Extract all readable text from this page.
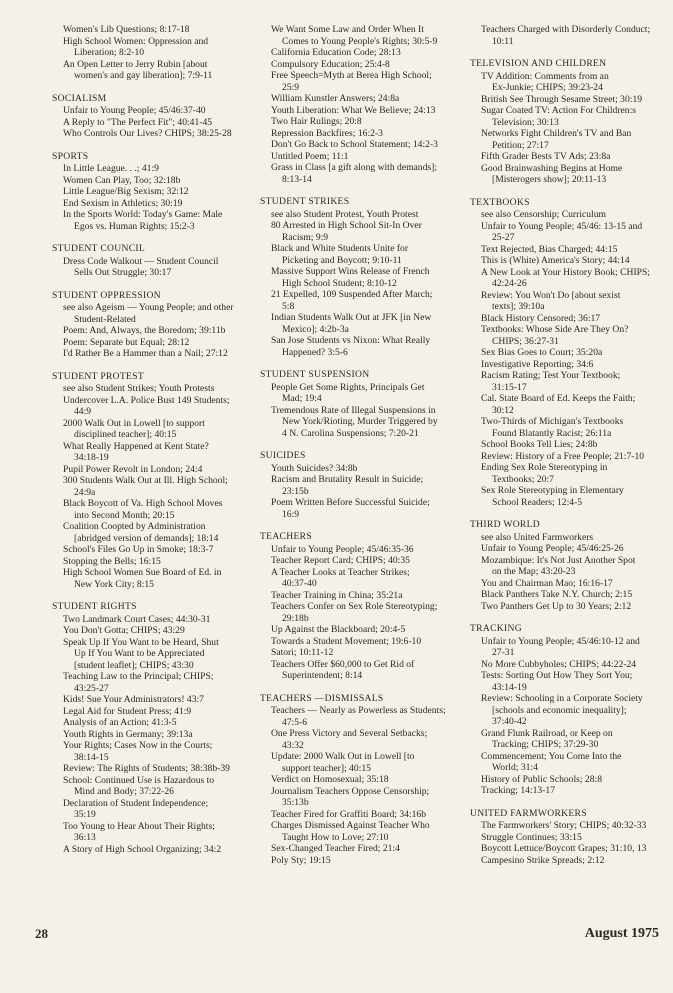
Women's Lib Questions; 8:17-18
High School Women: Oppression and
Liberation; 8:2-10
An Open Letter to Jerry Rubin [about
women's and gay liberation]; 7:9-11
SOCIALISM
Unfair to Young People; 45/46:37-40
A Reply to "The Perfect Fit"; 40:41-45
Who Controls Our Lives? CHIPS; 38:25-28
SPORTS
In Little League. . .; 41:9
Women Can Play, Too; 32:18b
Little League/Big Sexism; 32:12
End Sexism in Athletics; 30:19
In the Sports World: Today's Game: Male
Egos vs. Human Rights; 15:2-3
STUDENT COUNCIL
Dress Code Walkout — Student Council
Sells Out Struggle; 30:17
STUDENT OPPRESSION
see also Ageism — Young People; and other
Student-Related
Poem: And, Always, the Boredom; 39:11b
Poem: Separate but Equal; 28:12
I'd Rather Be a Hammer than a Nail; 27:12
STUDENT PROTEST
see also Student Strikes; Youth Protests
Undercover L.A. Police Bust 149 Students;
44:9
2000 Walk Out in Lowell [to support
disciplined teacher]; 40:15
What Really Happened at Kent State?
34:18-19
Pupil Power Revolt in London; 24:4
300 Students Walk Out at Ill. High School;
24:9a
Black Boycott of Va. High School Moves
into Second Month; 20:15
Coalition Coopted by Administration
[abridged version of demands]; 18:14
School's Files Go Up in Smoke; 18:3-7
Stopping the Bells; 16:15
High School Women Sue Board of Ed. in
New York City; 8:15
STUDENT RIGHTS
Two Landmark Court Cases; 44:30-31
You Don't Gotta; CHIPS; 43:29
Speak Up If You Want to be Heard, Shut
Up If You Want to be Appreciated
[student leaflet]; CHIPS; 43:30
Teaching Law to the Principal; CHIPS;
43:25-27
Kids! Sue Your Administrators! 43:7
Legal Aid for Student Press; 41:9
Analysis of an Action; 41:3-5
Youth Rights in Germany; 39:13a
Your Rights; Cases Now in the Courts;
38:14-15
Review: The Rights of Students; 38:38b-39
School: Continued Use is Hazardous to
Mind and Body; 37:22-26
Declaration of Student Independence;
35:19
Too Young to Hear About Their Rights;
36:13
A Story of High School Organizing; 34:2
We Want Some Law and Order When It
Comes to Young People's Rights; 30:5-9
California Education Code; 28:13
Compulsory Education; 25:4-8
Free Speech=Myth at Berea High School;
25:9
William Kunstler Answers; 24:8a
Youth Liberation: What We Believe; 24:13
Two Hair Rulings; 20:8
Repression Backfires; 16:2-3
Don't Go Back to School Statement; 14:2-3
Untitled Poem; 11:1
Grass in Class [a gift along with demands];
8:13-14
STUDENT STRIKES
see also Student Protest, Youth Protest
80 Arrested in High School Sit-In Over
Racism; 9:9
Black and White Students Unite for
Picketing and Boycott; 9:10-11
Massive Support Wins Release of French
High School Student; 8:10-12
21 Expelled, 109 Suspended After March;
5:8
Indian Students Walk Out at JFK [in New
Mexico]; 4:2b-3a
San Jose Students vs Nixon: What Really
Happened? 3:5-6
STUDENT SUSPENSION
People Get Some Rights, Principals Get
Mad; 19:4
Tremendous Rate of Illegal Suspensions in
New York/Rioting, Murder Triggered by
4 N. Carolina Suspensions; 7:20-21
SUICIDES
Youth Suicides? 34:8b
Racism and Brutality Result in Suicide;
23:15b
Poem Written Before Successful Suicide;
16:9
TEACHERS
Unfair to Young People; 45/46:35-36
Teacher Report Card; CHIPS; 40:35
A Teacher Looks at Teacher Strikes;
40:37-40
Teacher Training in China; 35:21a
Teachers Confer on Sex Role Stereotyping;
29:18b
Up Against the Blackboard; 20:4-5
Towards a Student Movement; 19:6-10
Satori; 10:11-12
Teachers Offer $60,000 to Get Rid of
Superintendent; 8:14
TEACHERS —DISMISSALS
Teachers — Nearly as Powerless as Students;
47:5-6
One Press Victory and Several Setbacks;
43:32
Update: 2000 Walk Out in Lowell [to
support teacher]; 40:15
Verdict on Homosexual; 35:18
Journalism Teachers Oppose Censorship;
35:13b
Teacher Fired for Graffiti Board; 34:16b
Charges Dismissed Against Teacher Who
Taught How to Love; 27:10
Sex-Changed Teacher Fired; 21:4
Poly Sty; 19:15
Teachers Charged with Disorderly Conduct;
10:11
TELEVISION AND CHILDREN
TV Addition: Comments from an
Ex-Junkie; CHIPS; 39:23-24
British See Through Sesame Street; 30:19
Sugar Coated TV: Action For Children:s
Television; 30:13
Networks Fight Children's TV and Ban
Petition; 27:17
Fifth Grader Bests TV Ads; 23:8a
Good Brainwashing Begins at Home
[Misterogers show]; 20:11-13
TEXTBOOKS
see also Censorship; Curriculum
Unfair to Young People; 45/46: 13-15 and
25-27
Text Rejected, Bias Charged; 44:15
This is (White) America's Story; 44:14
A New Look at Your History Book; CHIPS;
42:24-26
Review: You Won't Do [about sexist
texts]; 39:10a
Black History Censored; 36:17
Textbooks: Whose Side Are They On?
CHIPS; 36:27-31
Sex Bias Goes to Court; 35:20a
Investigative Reporting; 34:6
Racism Rating; Test Your Textbook;
31:15-17
Cal. State Board of Ed. Keeps the Faith;
30:12
Two-Thirds of Michigan's Textbooks
Found Blatantly Racist; 26:11a
School Books Tell Lies; 24:8b
Review: History of a Free People; 21:7-10
Ending Sex Role Stereotyping in
Textbooks; 20:7
Sex Role Stereotyping in Elementary
School Readers; 12:4-5
THIRD WORLD
see also United Farmworkers
Unfair to Young People; 45/46:25-26
Mozambique: It's Not Just Another Spot
on the Map; 43:20-23
You and Chairman Mao; 16:16-17
Black Panthers Take N.Y. Church; 2:15
Two Panthers Get Up to 30 Years; 2:12
TRACKING
Unfair to Young People; 45/46:10-12 and
27-31
No More Cubbyholes; CHIPS; 44:22-24
Tests: Sorting Out How They Sort You;
43:14-19
Review: Schooling in a Corporate Society
[schools and economic inequality];
37:40-42
Grand Flunk Railroad, or Keep on
Tracking; CHIPS; 37:29-30
Commencement; You Come Into the
World; 31:4
History of Public Schools; 28:8
Tracking; 14:13-17
UNITED FARMWORKERS
The Farmworkers' Story; CHIPS; 40:32-33
Struggle Continues; 33:15
Boycott Lettuce/Boycott Grapes; 31:10, 13
Campesino Strike Spreads; 2:12
28	August 1975
